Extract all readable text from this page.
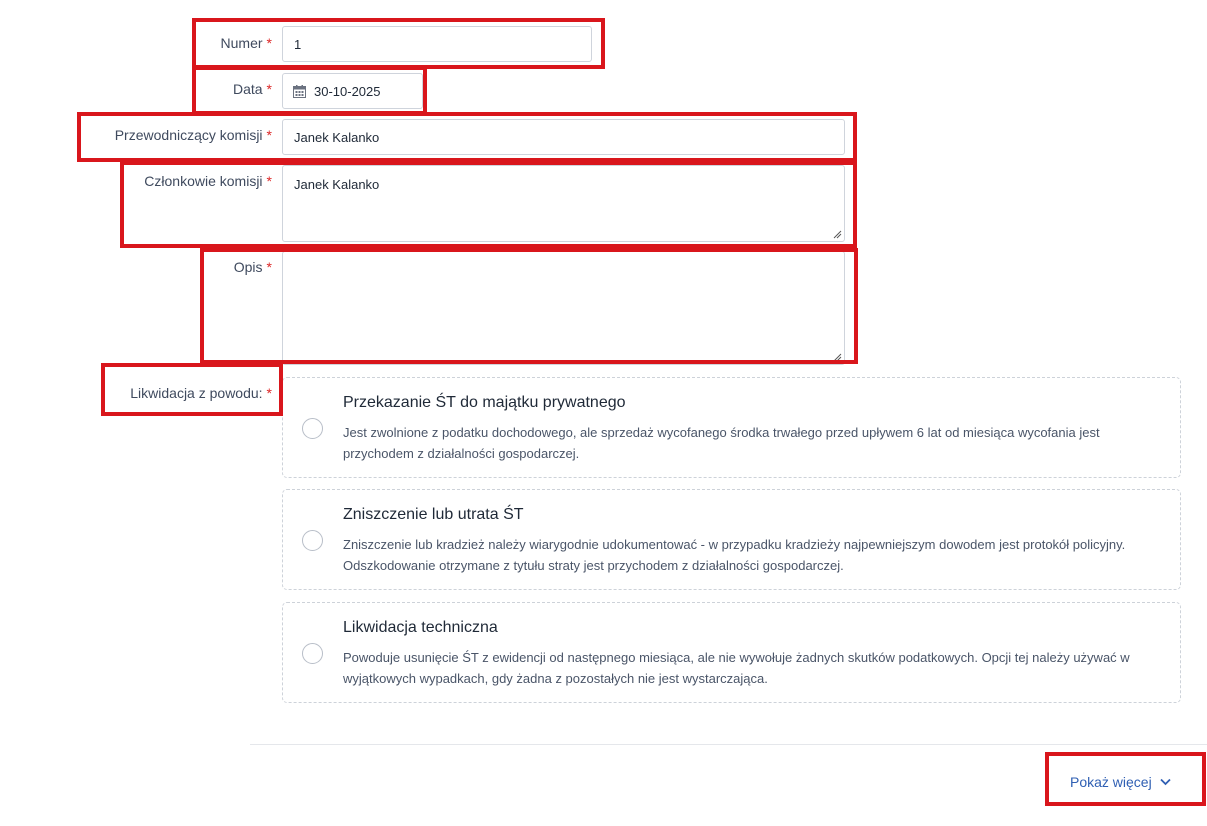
Numer * 1
Data *	30-10-2025
Przewodniczący komisji * Janek Kalanko
Członkowie komisji *	Janek Kalanko
Opis *
Likwidacja z powodu: *
Przekazanie ŚT do majątku prywatnego
Jest zwolnione z podatku dochodowego, ale sprzedaż wycofanego środka trwałego przed upływem 6 lat od miesiąca wycofania jest przychodem z działalności gospodarczej.
Zniszczenie lub utrata ŚT
Zniszczenie lub kradzież należy wiarygodnie udokumentować - w przypadku kradzieży najpewniejszym dowodem jest protokół policyjny. Odszkodowanie otrzymane z tytułu straty jest przychodem z działalności gospodarczej.
Likwidacja techniczna
Powoduje usunięcie ŚT z ewidencji od następnego miesiąca, ale nie wywołuje żadnych skutków podatkowych. Opcji tej należy używać w wyjątkowych wypadkach, gdy żadna z pozostałych nie jest wystarczająca.
Pokaż więcej
